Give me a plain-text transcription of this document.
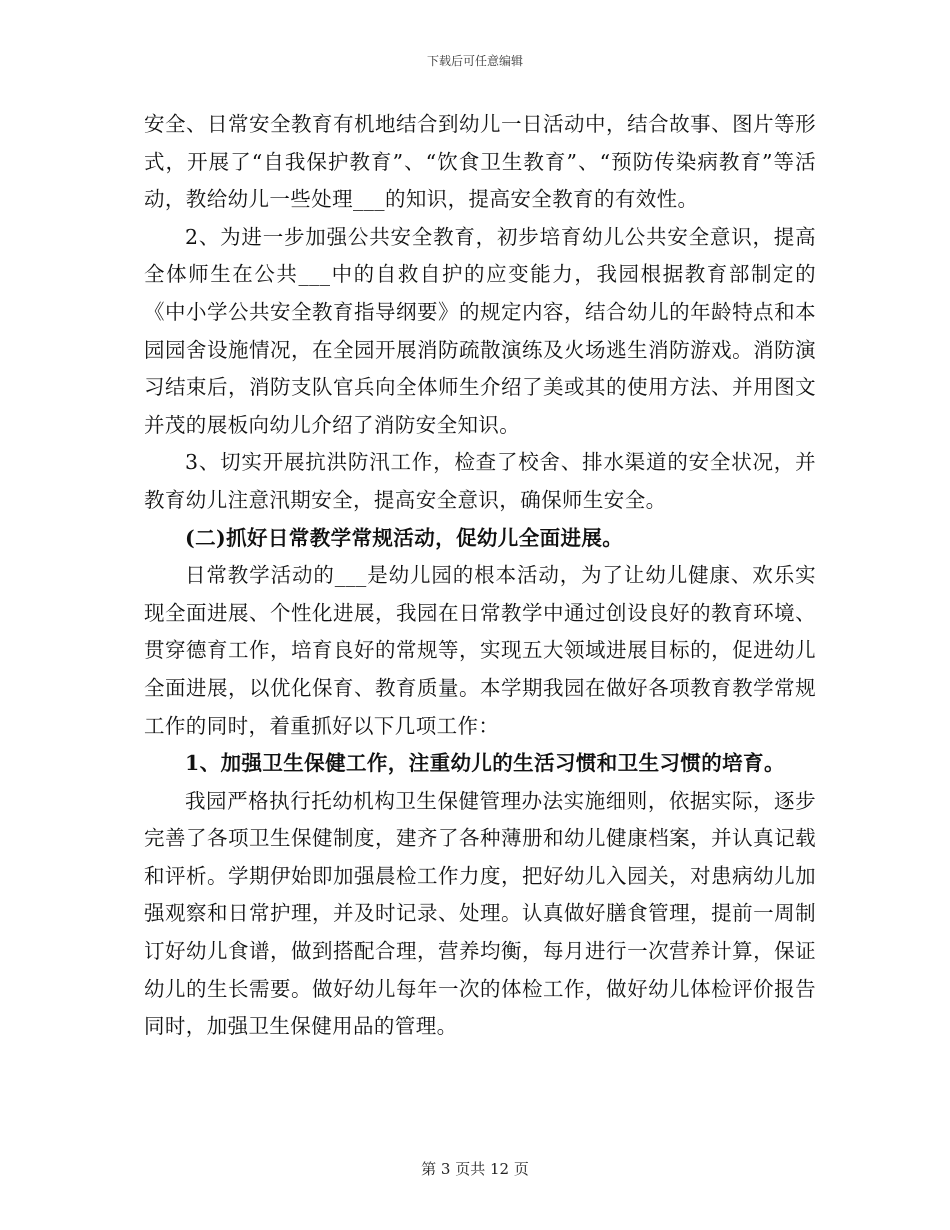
下载后可任意编辑

安全、日常安全教育有机地结合到幼儿一日活动中，结合故事、图片等形式，开展了“自我保护教育”、“饮食卫生教育”、“预防传染病教育”等活动，教给幼儿一些处理___的知识，提高安全教育的有效性。

2、为进一步加强公共安全教育，初步培育幼儿公共安全意识，提高全体师生在公共___中的自救自护的应变能力，我园根据教育部制定的《中小学公共安全教育指导纲要》的规定内容，结合幼儿的年龄特点和本园园舍设施情况，在全园开展消防疏散演练及火场逃生消防游戏。消防演习结束后，消防支队官兵向全体师生介绍了美或其的使用方法、并用图文并茂的展板向幼儿介绍了消防安全知识。

3、切实开展抗洪防汛工作，检查了校舍、排水渠道的安全状况，并教育幼儿注意汛期安全，提高安全意识，确保师生安全。

(二)抓好日常教学常规活动，促幼儿全面进展。

日常教学活动的___是幼儿园的根本活动，为了让幼儿健康、欢乐实现全面进展、个性化进展，我园在日常教学中通过创设良好的教育环境、贯穿德育工作，培育良好的常规等，实现五大领域进展目标的，促进幼儿全面进展，以优化保育、教育质量。本学期我园在做好各项教育教学常规工作的同时，着重抓好以下几项工作：

1、加强卫生保健工作，注重幼儿的生活习惯和卫生习惯的培育。

我园严格执行托幼机构卫生保健管理办法实施细则，依据实际，逐步完善了各项卫生保健制度，建齐了各种薄册和幼儿健康档案，并认真记载和评析。学期伊始即加强晨检工作力度，把好幼儿入园关，对患病幼儿加强观察和日常护理，并及时记录、处理。认真做好膳食管理，提前一周制订好幼儿食谱，做到搭配合理，营养均衡，每月进行一次营养计算，保证幼儿的生长需要。做好幼儿每年一次的体检工作，做好幼儿体检评价报告同时，加强卫生保健用品的管理。

第 3 页共 12 页
